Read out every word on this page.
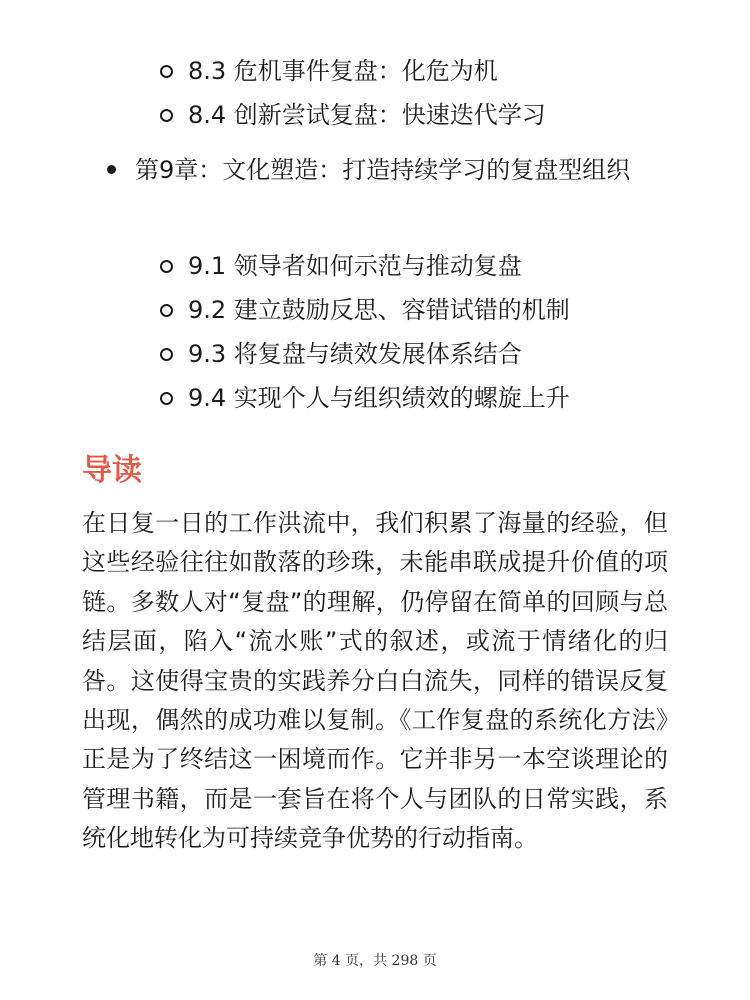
8.3 危机事件复盘：化危为机
8.4 创新尝试复盘：快速迭代学习
第9章：文化塑造：打造持续学习的复盘型组织
9.1 领导者如何示范与推动复盘
9.2 建立鼓励反思、容错试错的机制
9.3 将复盘与绩效发展体系结合
9.4 实现个人与组织绩效的螺旋上升
导读

在日复一日的工作洪流中，我们积累了海量的经验，但这些经验往往如散落的珍珠，未能串联成提升价值的项链。多数人对“复盘”的理解，仍停留在简单的回顾与总结层面，陷入“流水账”式的叙述，或流于情绪化的归咎。这使得宝贵的实践养分白白流失，同样的错误反复出现，偶然的成功难以复制。《工作复盘的系统化方法》正是为了终结这一困境而作。它并非另一本空谈理论的管理书籍，而是一套旨在将个人与团队的日常实践，系统化地转化为可持续竞争优势的行动指南。

第 4 页，共 298 页
